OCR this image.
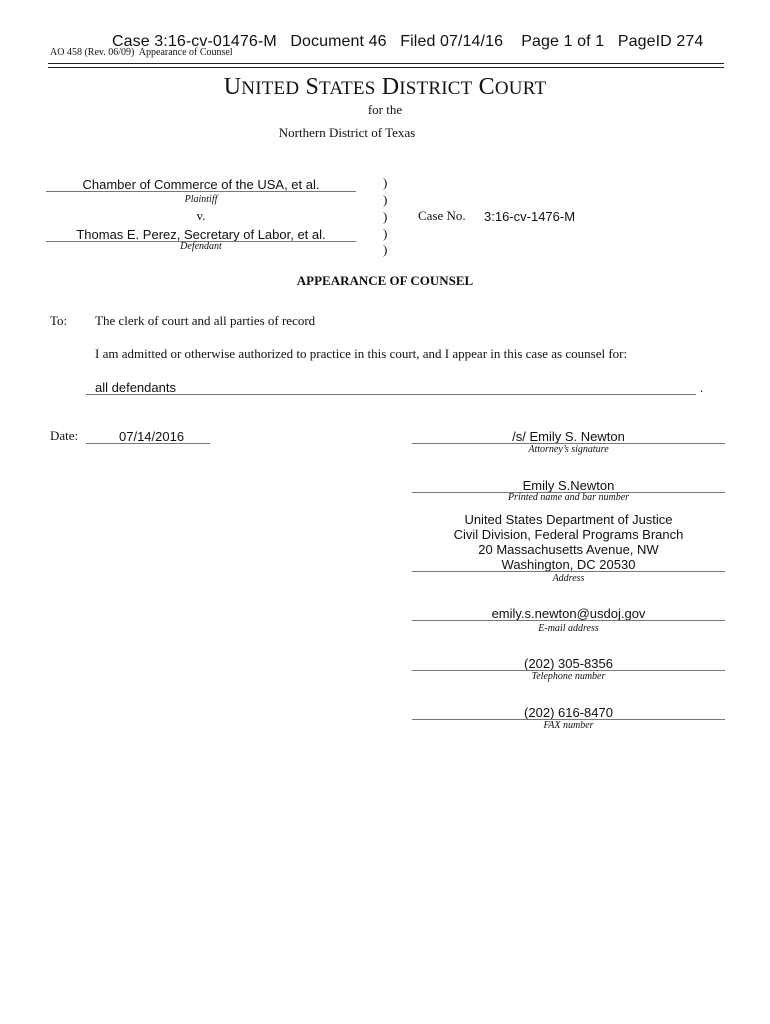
Case 3:16-cv-01476-M   Document 46   Filed 07/14/16    Page 1 of 1   PageID 274
AO 458 (Rev. 06/09)  Appearance of Counsel
UNITED STATES DISTRICT COURT
for the
Northern District of Texas
Chamber of Commerce of the USA, et al.
Plaintiff
v.
Thomas E. Perez, Secretary of Labor, et al.
Defendant
)
)
)
)
)
Case No. 3:16-cv-1476-M
APPEARANCE OF COUNSEL
To: The clerk of court and all parties of record
I am admitted or otherwise authorized to practice in this court, and I appear in this case as counsel for:
all defendants	.
Date:	07/14/2016	/s/ Emily S. Newton
Attorney’s signature
Emily S.Newton
Printed name and bar number
United States Department of Justice
Civil Division, Federal Programs Branch
20 Massachusetts Avenue, NW
Washington, DC 20530
Address
emily.s.newton@usdoj.gov
E-mail address
(202) 305-8356
Telephone number
(202) 616-8470
FAX number
